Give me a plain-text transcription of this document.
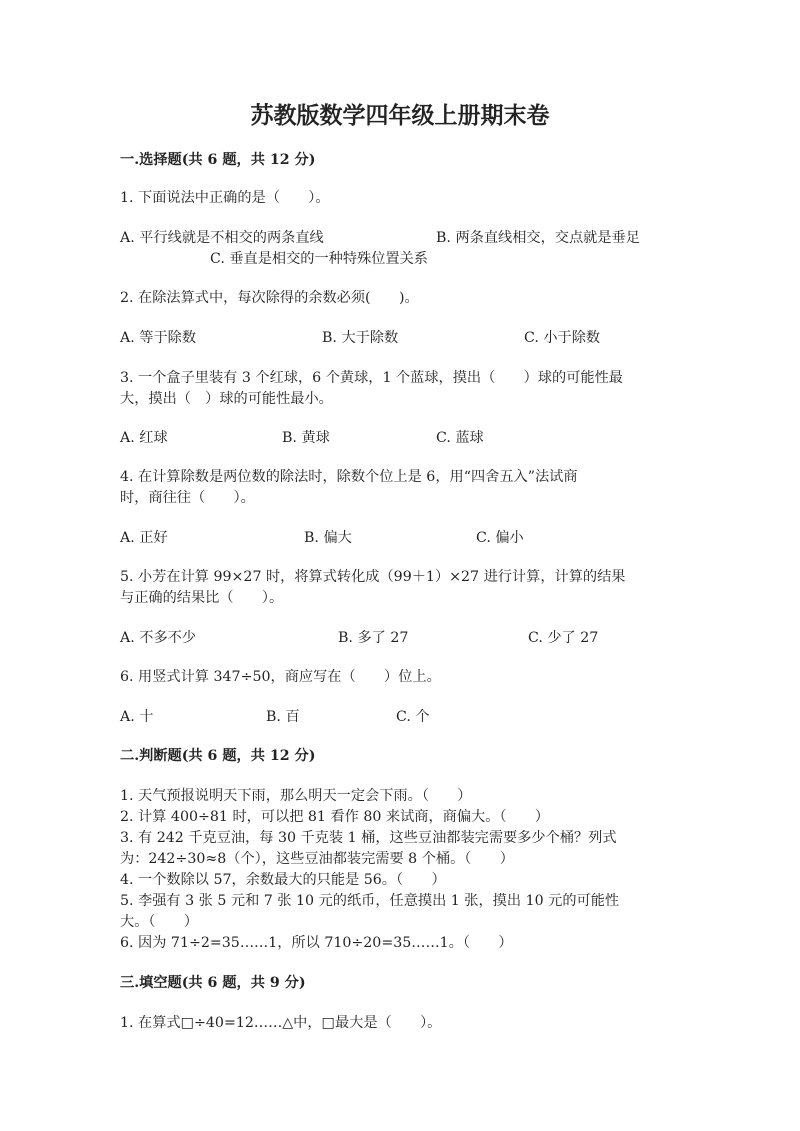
苏教版数学四年级上册期末卷
一.选择题(共 6 题，共 12 分)
1. 下面说法中正确的是（　　）。
A. 平行线就是不相交的两条直线	B. 两条直线相交，交点就是垂足
C. 垂直是相交的一种特殊位置关系
2. 在除法算式中，每次除得的余数必须(　　)。
A. 等于除数	B. 大于除数	C. 小于除数
3. 一个盒子里装有 3 个红球，6 个黄球，1 个蓝球，摸出（　　）球的可能性最
大，摸出（　）球的可能性最小。
A. 红球	B. 黄球	C. 蓝球
4. 在计算除数是两位数的除法时，除数个位上是 6，用“四舍五入”法试商
时，商往往（　　）。
A. 正好	B. 偏大	C. 偏小
5. 小芳在计算 99×27 时，将算式转化成（99＋1）×27 进行计算，计算的结果
与正确的结果比（　　）。
A. 不多不少	B. 多了 27	C. 少了 27
6. 用竖式计算 347÷50，商应写在（　　）位上。
A. 十	B. 百	C. 个
二.判断题(共 6 题，共 12 分)
1. 天气预报说明天下雨，那么明天一定会下雨。（　　）
2. 计算 400÷81 时，可以把 81 看作 80 来试商，商偏大。（　　）
3. 有 242 千克豆油，每 30 千克装 1 桶，这些豆油都装完需要多少个桶？列式
为：242÷30≈8（个），这些豆油都装完需要 8 个桶。（　　）
4. 一个数除以 57，余数最大的只能是 56。（　　）
5. 李强有 3 张 5 元和 7 张 10 元的纸币，任意摸出 1 张，摸出 10 元的可能性
大。（　　）
6. 因为 71÷2=35……1，所以 710÷20=35……1。（　　）
三.填空题(共 6 题，共 9 分)
1. 在算式□÷40=12……△中，□最大是（　　）。
